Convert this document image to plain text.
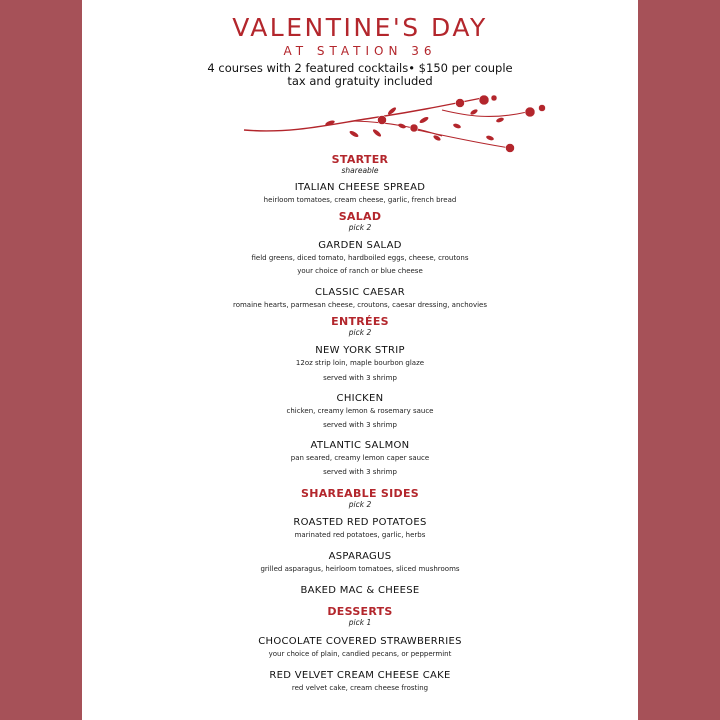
VALENTINE'S DAY
AT STATION 36
4 courses with 2 featured cocktails• $150 per couple
tax and gratuity included
STARTER
shareable
ITALIAN CHEESE SPREAD
heirloom tomatoes, cream cheese, garlic, french bread
SALAD
pick 2
GARDEN SALAD
field greens, diced tomato, hardboiled eggs, cheese, croutons
your choice of ranch or blue cheese
CLASSIC CAESAR
romaine hearts, parmesan cheese, croutons, caesar dressing, anchovies
ENTRÉES
pick 2
NEW YORK STRIP
12oz strip loin, maple bourbon glaze
served with 3 shrimp
CHICKEN
chicken, creamy lemon & rosemary sauce
served with 3 shrimp
ATLANTIC SALMON
pan seared, creamy lemon caper sauce
served with 3 shrimp
SHAREABLE SIDES
pick 2
ROASTED RED POTATOES
marinated red potatoes, garlic, herbs
ASPARAGUS
grilled asparagus, heirloom tomatoes, sliced mushrooms
BAKED MAC & CHEESE
DESSERTS
pick 1
CHOCOLATE COVERED STRAWBERRIES
your choice of plain, candied pecans, or peppermint
RED VELVET CREAM CHEESE CAKE
red velvet cake, cream cheese frosting
